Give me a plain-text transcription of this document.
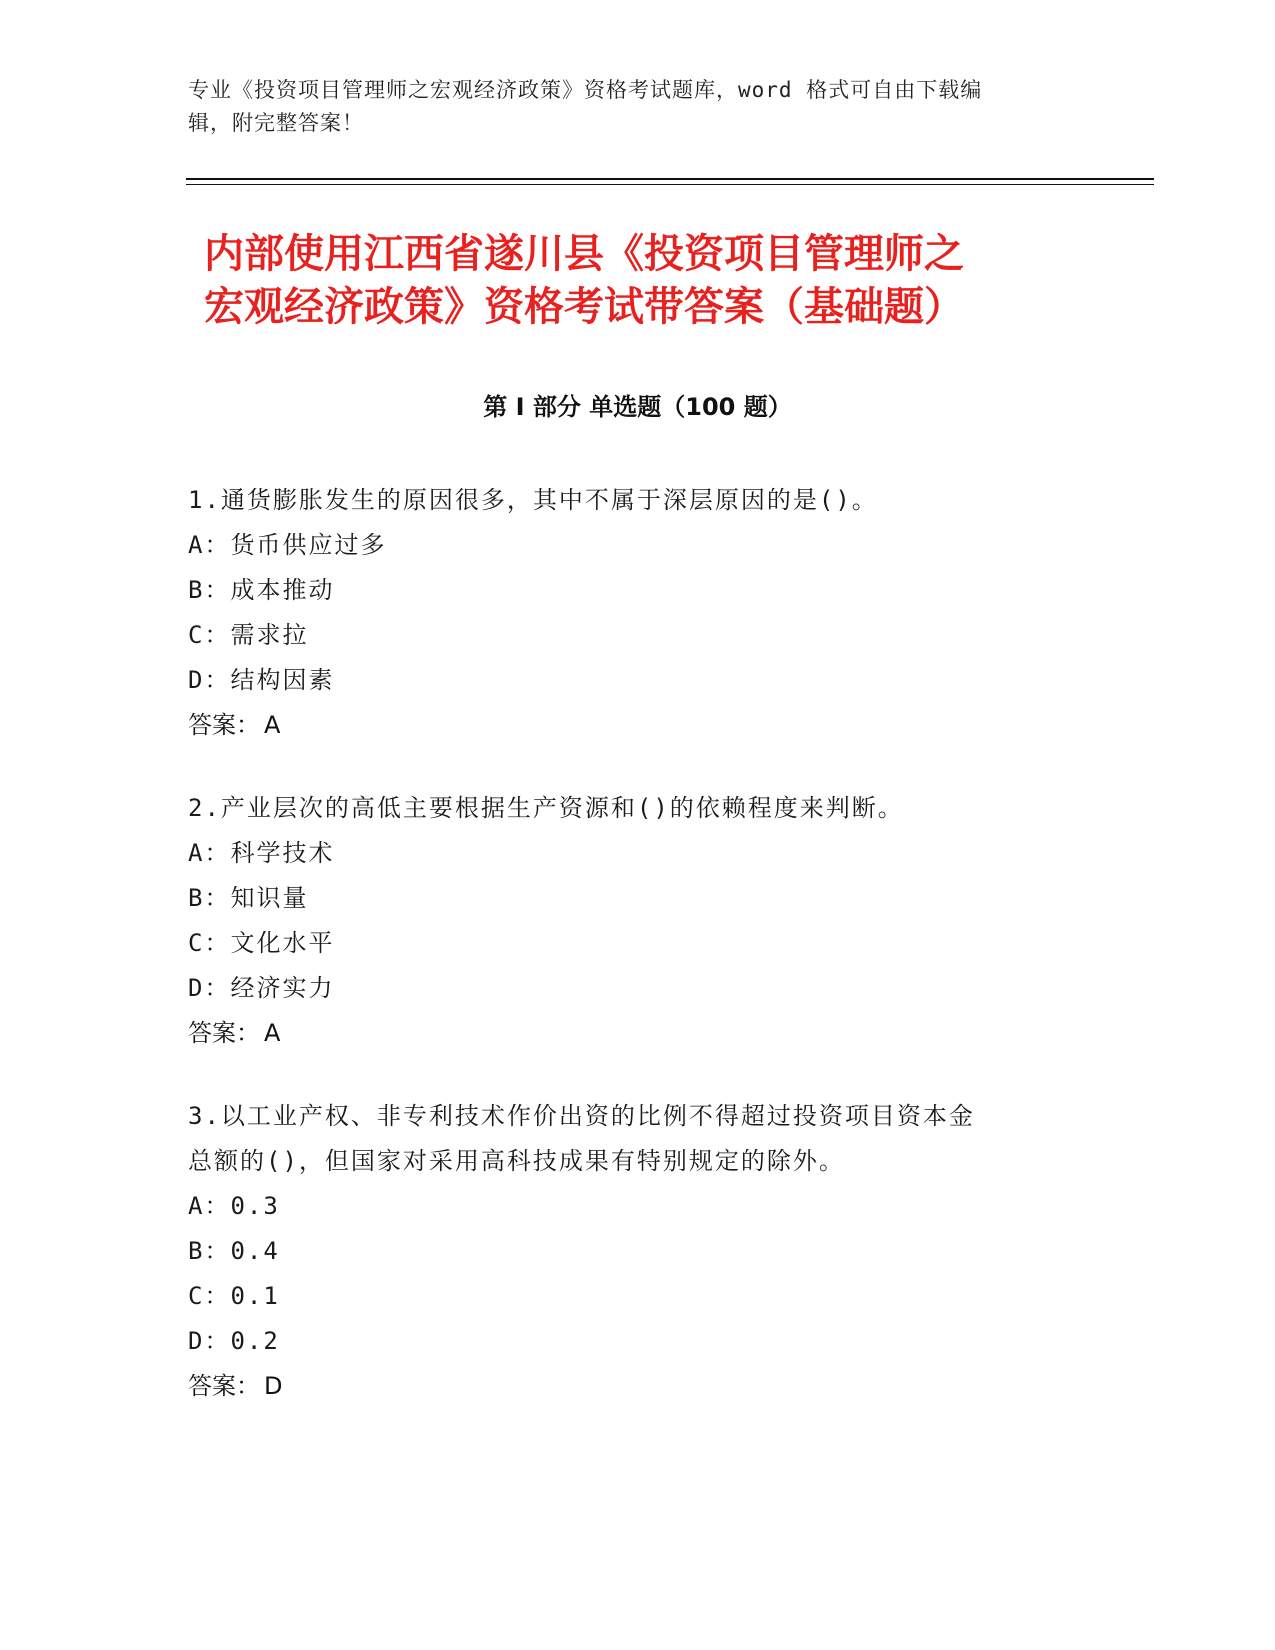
专业《投资项目管理师之宏观经济政策》资格考试题库，word 格式可自由下载编
辑，附完整答案！
内部使用江西省遂川县《投资项目管理师之
宏观经济政策》资格考试带答案（基础题）
第 I 部分 单选题（100 题）
1.通货膨胀发生的原因很多，其中不属于深层原因的是()。
A：货币供应过多
B：成本推动
C：需求拉
D：结构因素
答案： A
2.产业层次的高低主要根据生产资源和()的依赖程度来判断。
A：科学技术
B：知识量
C：文化水平
D：经济实力
答案： A
3.以工业产权、非专利技术作价出资的比例不得超过投资项目资本金
总额的()，但国家对采用高科技成果有特别规定的除外。
A：0.3
B：0.4
C：0.1
D：0.2
答案： D
